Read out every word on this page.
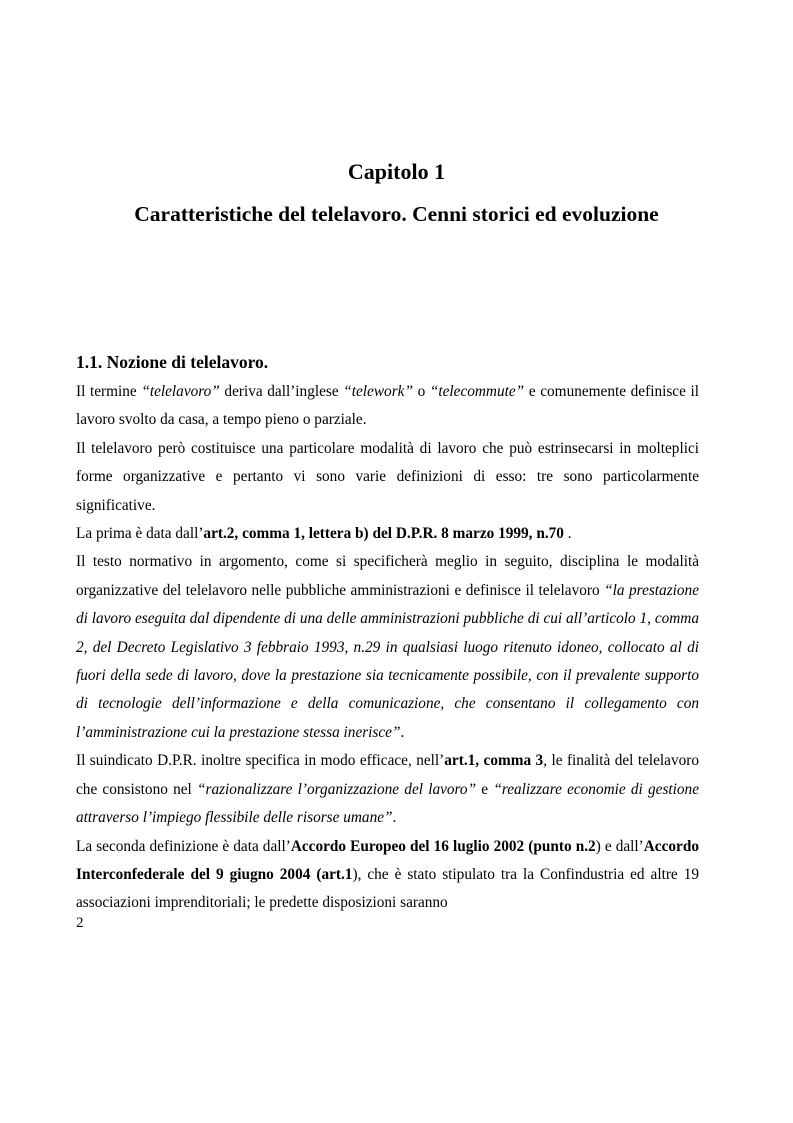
Capitolo 1
Caratteristiche del telelavoro. Cenni storici ed evoluzione
1.1. Nozione di telelavoro.

Il termine “telelavoro” deriva dall’inglese “telework” o “telecommute” e comunemente definisce il lavoro svolto da casa, a tempo pieno o parziale.

Il telelavoro però costituisce una particolare modalità di lavoro che può estrinsecarsi in molteplici forme organizzative e pertanto vi sono varie definizioni di esso: tre sono particolarmente significative.

La prima è data dall’art.2, comma 1, lettera b) del D.P.R. 8 marzo 1999, n.70 .

Il testo normativo in argomento, come si specificherà meglio in seguito, disciplina le modalità organizzative del telelavoro nelle pubbliche amministrazioni e definisce il telelavoro “la prestazione di lavoro eseguita dal dipendente di una delle amministrazioni pubbliche di cui all’articolo 1, comma 2, del Decreto Legislativo 3 febbraio 1993, n.29 in qualsiasi luogo ritenuto idoneo, collocato al di fuori della sede di lavoro, dove la prestazione sia tecnicamente possibile, con il prevalente supporto di tecnologie dell’informazione e della comunicazione, che consentano il collegamento con l’amministrazione cui la prestazione stessa inerisce”.

Il suindicato D.P.R. inoltre specifica in modo efficace, nell’art.1, comma 3, le finalità del telelavoro che consistono nel “razionalizzare l’organizzazione del lavoro” e “realizzare economie di gestione attraverso l’impiego flessibile delle risorse umane”.

La seconda definizione è data dall’Accordo Europeo del 16 luglio 2002 (punto n.2) e dall’Accordo Interconfederale del 9 giugno 2004 (art.1), che è stato stipulato tra la Confindustria ed altre 19 associazioni imprenditoriali; le predette disposizioni saranno

2
